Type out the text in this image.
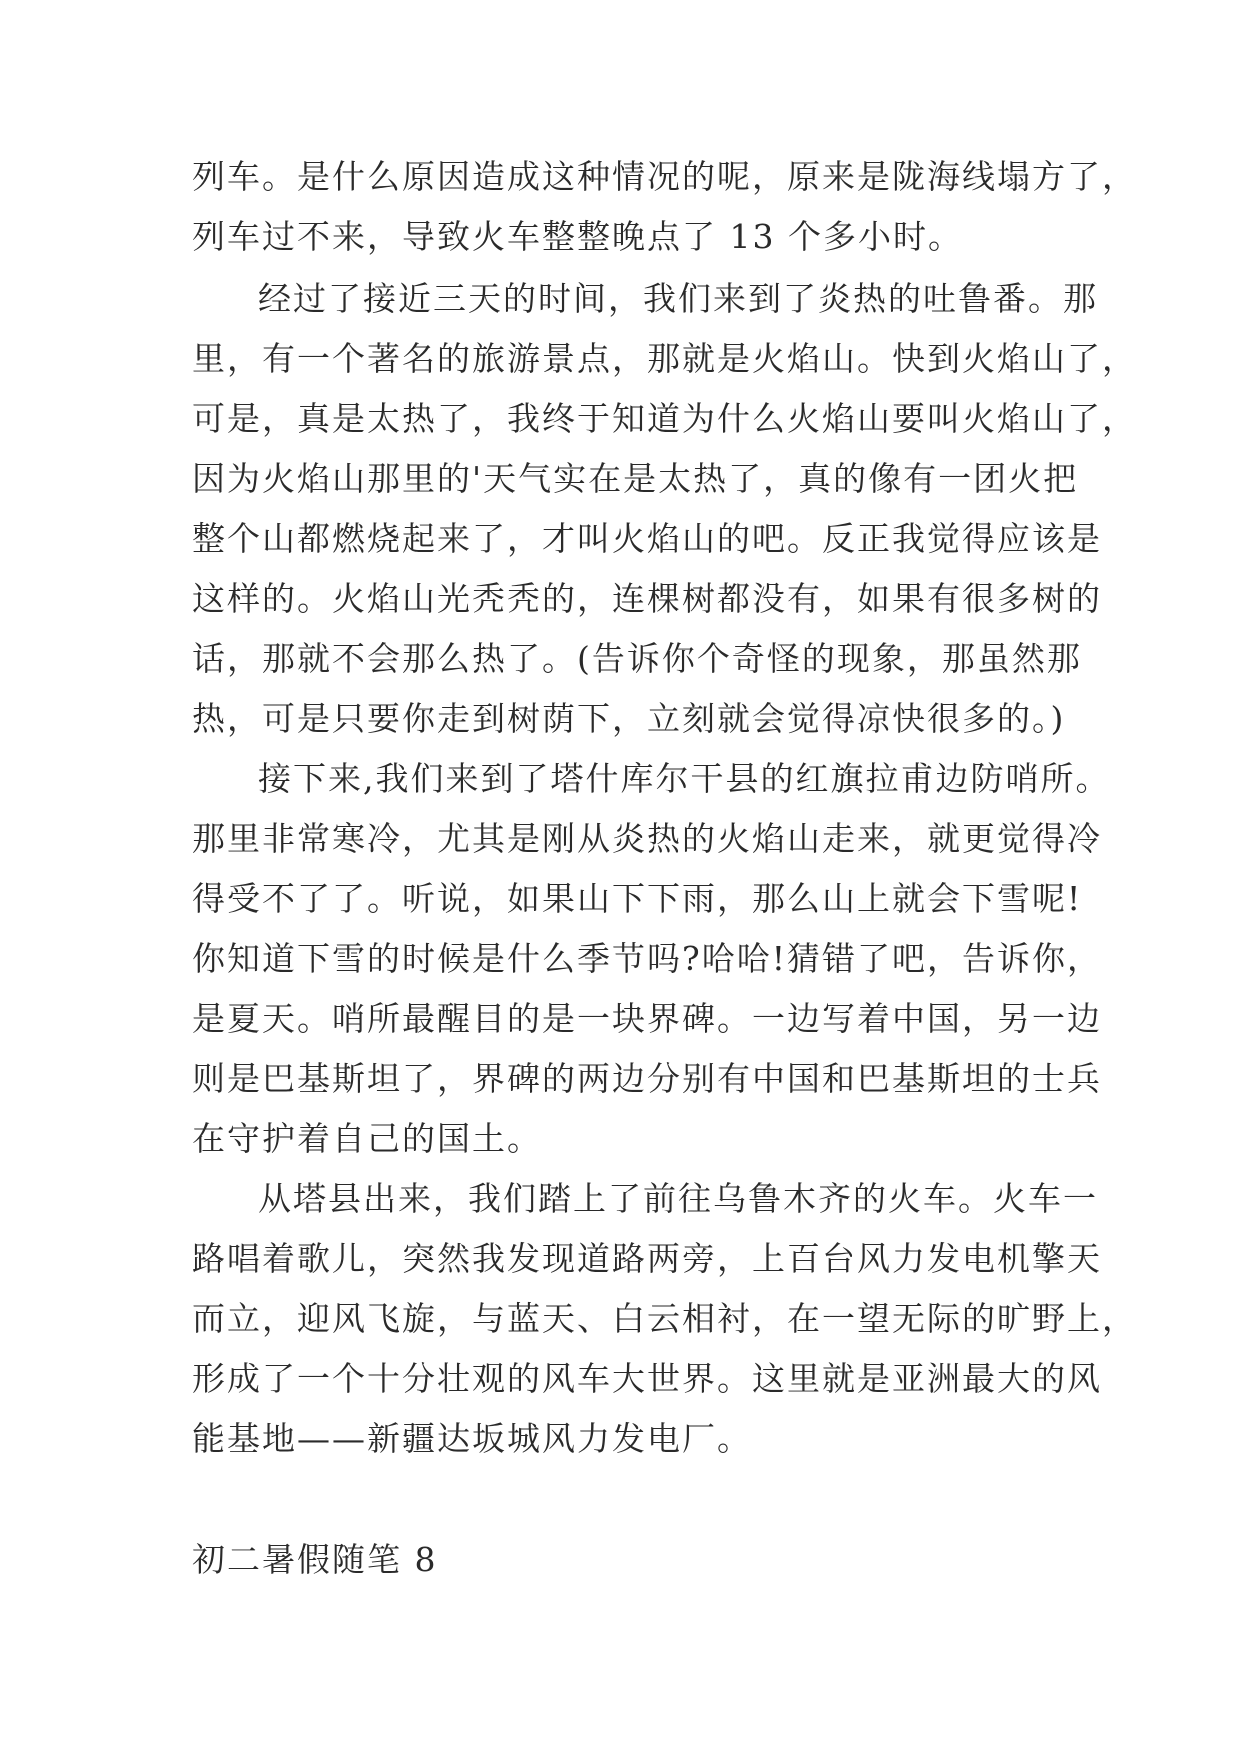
列车。是什么原因造成这种情况的呢，原来是陇海线塌方了，
列车过不来，导致火车整整晚点了 13 个多小时。
经过了接近三天的时间，我们来到了炎热的吐鲁番。那
里，有一个著名的旅游景点，那就是火焰山。快到火焰山了，
可是，真是太热了，我终于知道为什么火焰山要叫火焰山了，
因为火焰山那里的'天气实在是太热了，真的像有一团火把
整个山都燃烧起来了，才叫火焰山的吧。反正我觉得应该是
这样的。火焰山光秃秃的，连棵树都没有，如果有很多树的
话，那就不会那么热了。(告诉你个奇怪的现象，那虽然那
热，可是只要你走到树荫下，立刻就会觉得凉快很多的。)
接下来,我们来到了塔什库尔干县的红旗拉甫边防哨所。
那里非常寒冷，尤其是刚从炎热的火焰山走来，就更觉得冷
得受不了了。听说，如果山下下雨，那么山上就会下雪呢!
你知道下雪的时候是什么季节吗?哈哈!猜错了吧，告诉你，
是夏天。哨所最醒目的是一块界碑。一边写着中国，另一边
则是巴基斯坦了，界碑的两边分别有中国和巴基斯坦的士兵
在守护着自己的国土。
从塔县出来，我们踏上了前往乌鲁木齐的火车。火车一
路唱着歌儿，突然我发现道路两旁，上百台风力发电机擎天
而立，迎风飞旋，与蓝天、白云相衬，在一望无际的旷野上，
形成了一个十分壮观的风车大世界。这里就是亚洲最大的风
能基地——新疆达坂城风力发电厂。
初二暑假随笔 8
